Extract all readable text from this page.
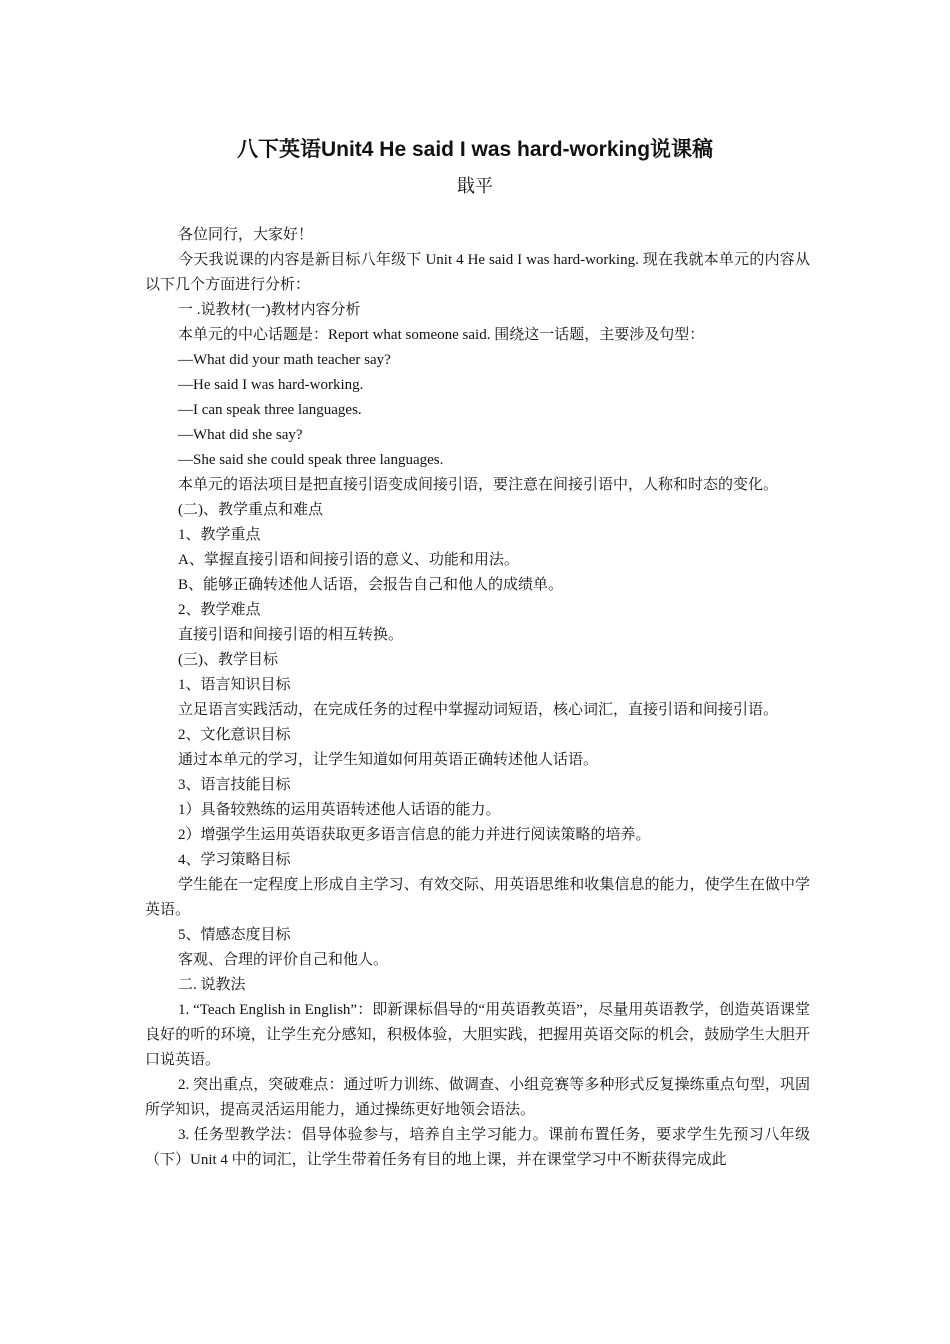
八下英语Unit4 He said I was hard-working说课稿
戢平

各位同行，大家好！

今天我说课的内容是新目标八年级下 Unit 4 He said I was hard-working. 现在我就本单元的内容从以下几个方面进行分析：

一 .说教材(一)教材内容分析

本单元的中心话题是：Report what someone said. 围绕这一话题，主要涉及句型：

—What did your math teacher say?

—He said I was hard-working.

—I can speak three languages.

—What did she say?

—She said she could speak three languages.

本单元的语法项目是把直接引语变成间接引语，要注意在间接引语中，人称和时态的变化。

(二)、教学重点和难点

1、教学重点

A、掌握直接引语和间接引语的意义、功能和用法。

B、能够正确转述他人话语，会报告自己和他人的成绩单。

2、教学难点

直接引语和间接引语的相互转换。

(三)、教学目标

1、语言知识目标

立足语言实践活动，在完成任务的过程中掌握动词短语，核心词汇，直接引语和间接引语。

2、文化意识目标

通过本单元的学习，让学生知道如何用英语正确转述他人话语。

3、语言技能目标

1）具备较熟练的运用英语转述他人话语的能力。

2）增强学生运用英语获取更多语言信息的能力并进行阅读策略的培养。

4、学习策略目标

学生能在一定程度上形成自主学习、有效交际、用英语思维和收集信息的能力，使学生在做中学英语。

5、情感态度目标

客观、合理的评价自己和他人。

二. 说教法

1. “Teach English in English”：即新课标倡导的“用英语教英语”，尽量用英语教学，创造英语课堂良好的听的环境，让学生充分感知，积极体验，大胆实践，把握用英语交际的机会，鼓励学生大胆开口说英语。

2. 突出重点，突破难点：通过听力训练、做调查、小组竞赛等多种形式反复操练重点句型，巩固所学知识，提高灵活运用能力，通过操练更好地领会语法。

3. 任务型教学法：倡导体验参与，培养自主学习能力。课前布置任务，要求学生先预习八年级（下）Unit 4 中的词汇，让学生带着任务有目的地上课，并在课堂学习中不断获得完成此
